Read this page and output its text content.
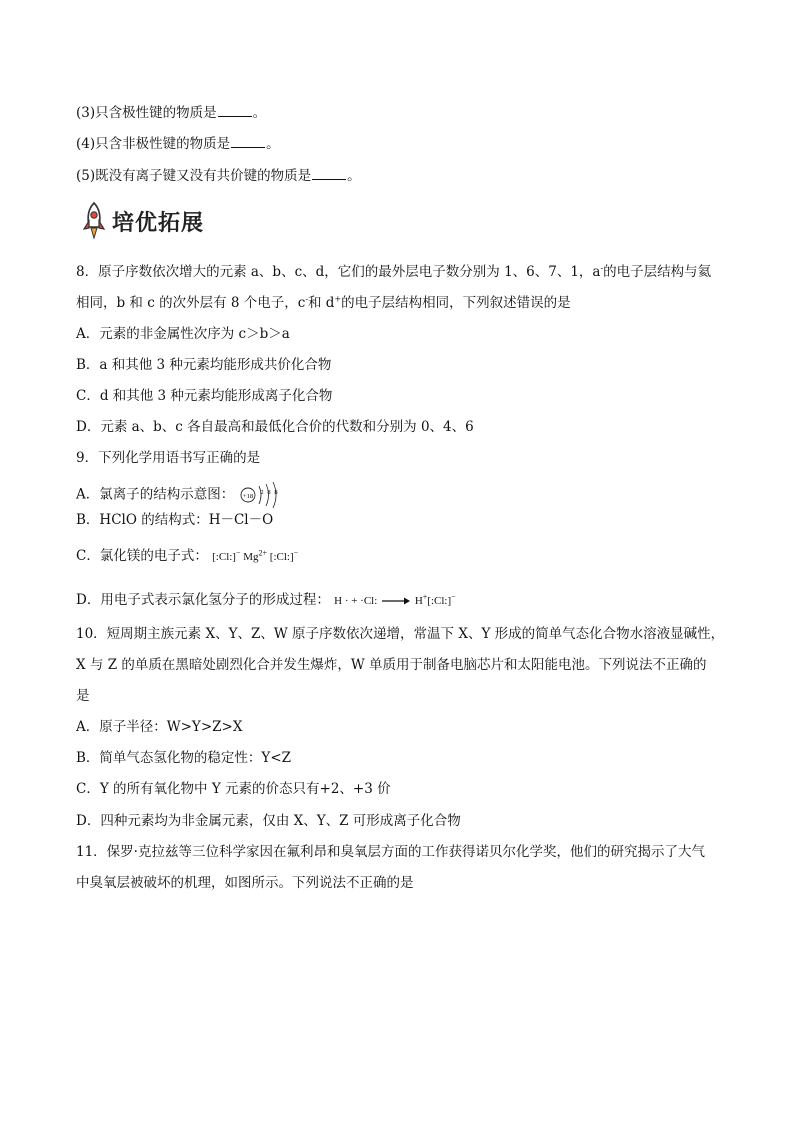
(3)只含极性键的物质是	。
(4)只含非极性键的物质是	。
(5)既没有离子键又没有共价键的物质是	。
培优拓展
8．原子序数依次增大的元素 a、b、c、d，它们的最外层电子数分别为 1、6、7、1，a-的电子层结构与氦
相同，b 和 c 的次外层有 8 个电子，c-和 d+的电子层结构相同，下列叙述错误的是
A．元素的非金属性次序为 c＞b＞a
B．a 和其他 3 种元素均能形成共价化合物
C．d 和其他 3 种元素均能形成离子化合物
D．元素 a、b、c 各自最高和最低化合价的代数和分别为 0、4、6
9．下列化学用语书写正确的是
A．氯离子的结构示意图： +18
2 8 8
B．HClO 的结构式：H－Cl－O
C．氯化镁的电子式： [:Cl:]− $Mg^{2+}$ [:Cl:]−
D．用电子式表示氯化氢分子的形成过程： H · + ·Cl: → H+[:Cl:]−
10．短周期主族元素 X、Y、Z、W 原子序数依次递增，常温下 X、Y 形成的简单气态化合物水溶液显碱性，
X 与 Z 的单质在黑暗处剧烈化合并发生爆炸，W 单质用于制备电脑芯片和太阳能电池。下列说法不正确的
是
A．原子半径：W>Y>Z>X
B．简单气态氢化物的稳定性：Y<Z
C．Y 的所有氧化物中 Y 元素的价态只有+2、+3 价
D．四种元素均为非金属元素，仅由 X、Y、Z 可形成离子化合物
11．保罗·克拉兹等三位科学家因在氟利昂和臭氧层方面的工作获得诺贝尔化学奖，他们的研究揭示了大气
中臭氧层被破坏的机理，如图所示。下列说法不正确的是
